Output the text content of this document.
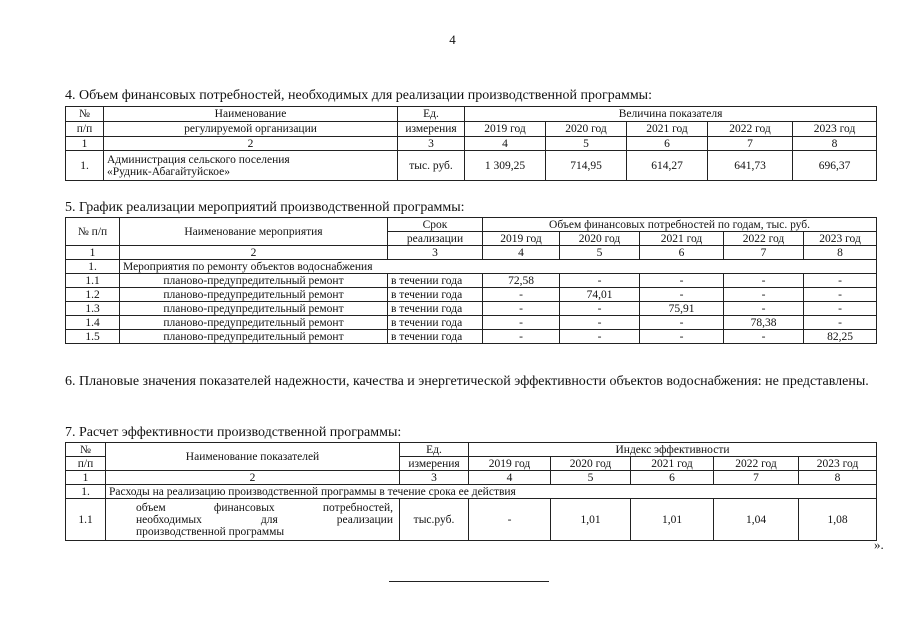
4
4. Объем финансовых потребностей, необходимых для реализации производственной программы:
№	Наименование	Ед.	Величина показателя				
п/п	регулируемой организации	измерения	2019 год	2020 год	2021 год	2022 год	2023 год
1	2	3	4	5	6	7	8
1.	Администрация сельского поселения
«Рудник-Абагайтуйское»	тыс. руб.	1 309,25	714,95	614,27	641,73	696,37
5. График реализации мероприятий производственной программы:
№ п/п	Наименование мероприятия	Срок	Объем финансовых потребностей по годам, тыс. руб.				
		реализации	2019 год	2020 год	2021 год	2022 год	2023 год
1	2	3	4	5	6	7	8
1.	Мероприятия по ремонту объектов водоснабжения						
1.1	планово-предупредительный ремонт	в течении года	72,58	-	-	-	-
1.2	планово-предупредительный ремонт	в течении года	-	74,01	-	-	-
1.3	планово-предупредительный ремонт	в течении года	-	-	75,91	-	-
1.4	планово-предупредительный ремонт	в течении года	-	-	-	78,38	-
1.5	планово-предупредительный ремонт	в течении года	-	-	-	-	82,25
6. Плановые значения показателей надежности, качества и энергетической эффективности объектов водоснабжения: не представлены.
7. Расчет эффективности производственной программы:
№	Наименование показателей	Ед.	Индекс эффективности				
п/п		измерения	2019 год	2020 год	2021 год	2022 год	2023 год
1	2	3	4	5	6	7	8
1.	Расходы на реализацию производственной программы в течение срока ее действия						
1.1	объем финансовых потребностей,
необходимых для реализации
производственной программы	тыс.руб.	-	1,01	1,01	1,04	1,08
».
